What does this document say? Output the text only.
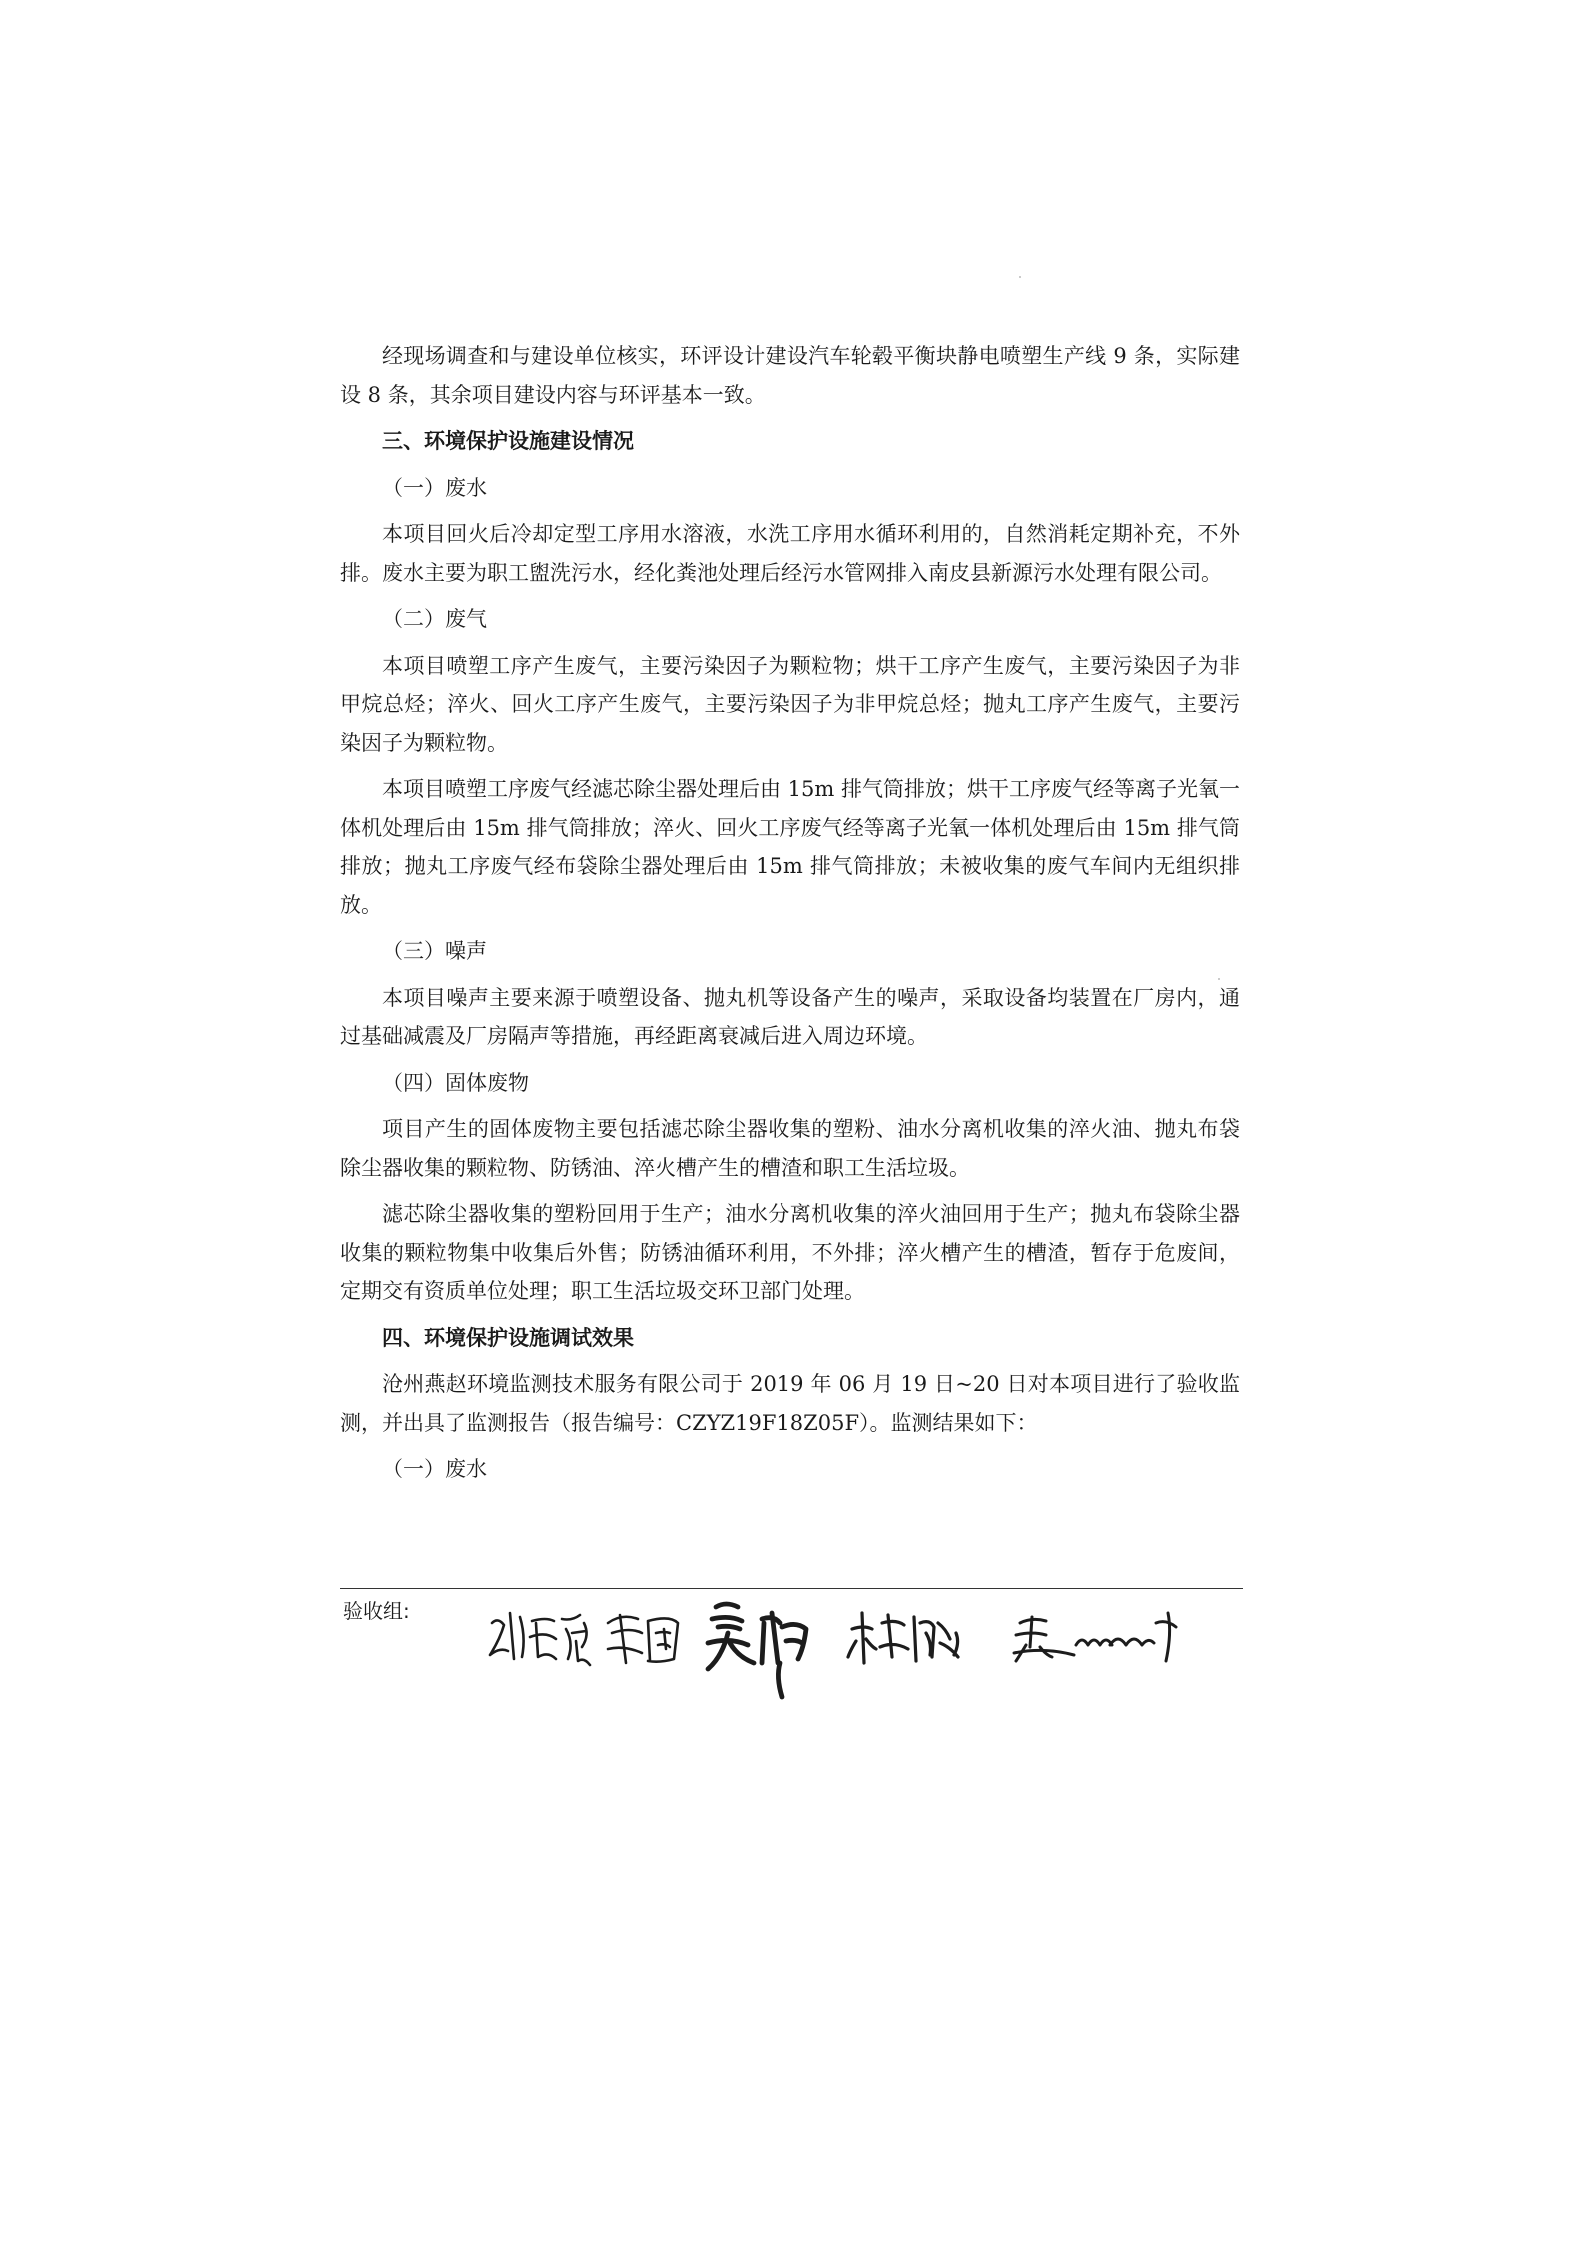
经现场调查和与建设单位核实，环评设计建设汽车轮毂平衡块静电喷塑生产线 9 条，实际建设 8 条，其余项目建设内容与环评基本一致。

三、环境保护设施建设情况

（一）废水

本项目回火后冷却定型工序用水溶液，水洗工序用水循环利用的，自然消耗定期补充，不外排。废水主要为职工盥洗污水，经化粪池处理后经污水管网排入南皮县新源污水处理有限公司。

（二）废气

本项目喷塑工序产生废气，主要污染因子为颗粒物；烘干工序产生废气，主要污染因子为非甲烷总烃；淬火、回火工序产生废气，主要污染因子为非甲烷总烃；抛丸工序产生废气，主要污染因子为颗粒物。

本项目喷塑工序废气经滤芯除尘器处理后由 15m 排气筒排放；烘干工序废气经等离子光氧一体机处理后由 15m 排气筒排放；淬火、回火工序废气经等离子光氧一体机处理后由 15m 排气筒排放；抛丸工序废气经布袋除尘器处理后由 15m 排气筒排放；未被收集的废气车间内无组织排放。

（三）噪声

本项目噪声主要来源于喷塑设备、抛丸机等设备产生的噪声，采取设备均装置在厂房内，通过基础减震及厂房隔声等措施，再经距离衰减后进入周边环境。

（四）固体废物

项目产生的固体废物主要包括滤芯除尘器收集的塑粉、油水分离机收集的淬火油、抛丸布袋除尘器收集的颗粒物、防锈油、淬火槽产生的槽渣和职工生活垃圾。

滤芯除尘器收集的塑粉回用于生产；油水分离机收集的淬火油回用于生产；抛丸布袋除尘器收集的颗粒物集中收集后外售；防锈油循环利用，不外排；淬火槽产生的槽渣，暂存于危废间，定期交有资质单位处理；职工生活垃圾交环卫部门处理。

四、环境保护设施调试效果

沧州燕赵环境监测技术服务有限公司于 2019 年 06 月 19 日~20 日对本项目进行了验收监测，并出具了监测报告（报告编号：CZYZ19F18Z05F）。监测结果如下：

（一）废水

验收组:
